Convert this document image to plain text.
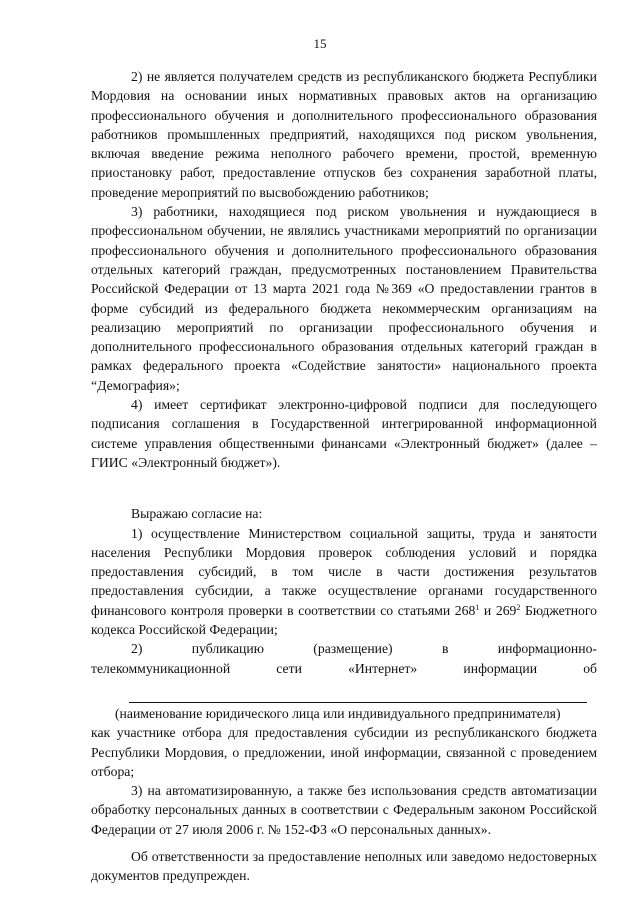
15

2) не является получателем средств из республиканского бюджета Республики Мордовия на основании иных нормативных правовых актов на организацию профессионального обучения и дополнительного профессионального образования работников промышленных предприятий, находящихся под риском увольнения, включая введение режима неполного рабочего времени, простой, временную приостановку работ, предоставление отпусков без сохранения заработной платы, проведение мероприятий по высвобождению работников;

3) работники, находящиеся под риском увольнения и нуждающиеся в профессиональном обучении, не являлись участниками мероприятий по организации профессионального обучения и дополнительного профессионального образования отдельных категорий граждан, предусмотренных постановлением Правительства Российской Федерации от 13 марта 2021 года №369 «О предоставлении грантов в форме субсидий из федерального бюджета некоммерческим организациям на реализацию мероприятий по организации профессионального обучения и дополнительного профессионального образования отдельных категорий граждан в рамках федерального проекта «Содействие занятости» национального проекта “Демография»;

4) имеет сертификат электронно-цифровой подписи для последующего подписания соглашения в Государственной интегрированной информационной системе управления общественными финансами «Электронный бюджет» (далее – ГИИС «Электронный бюджет»).

Выражаю согласие на:

1) осуществление Министерством социальной защиты, труда и занятости населения Республики Мордовия проверок соблюдения условий и порядка предоставления субсидий, в том числе в части достижения результатов предоставления субсидии, а также осуществление органами государственного финансового контроля проверки в соответствии со статьями $268^1$ и $269^2$ Бюджетного кодекса Российской Федерации;

2) публикацию (размещение) в информационно-

телекоммуникационной сети «Интернет» информации об

(наименование юридического лица или индивидуального предпринимателя)

как участнике отбора для предоставления субсидии из республиканского бюджета Республики Мордовия, о предложении, иной информации, связанной с проведением отбора;

3) на автоматизированную, а также без использования средств автоматизации обработку персональных данных в соответствии с Федеральным законом Российской Федерации от 27 июля 2006 г. № 152-ФЗ «О персональных данных».

Об ответственности за предоставление неполных или заведомо недостоверных документов предупрежден.
